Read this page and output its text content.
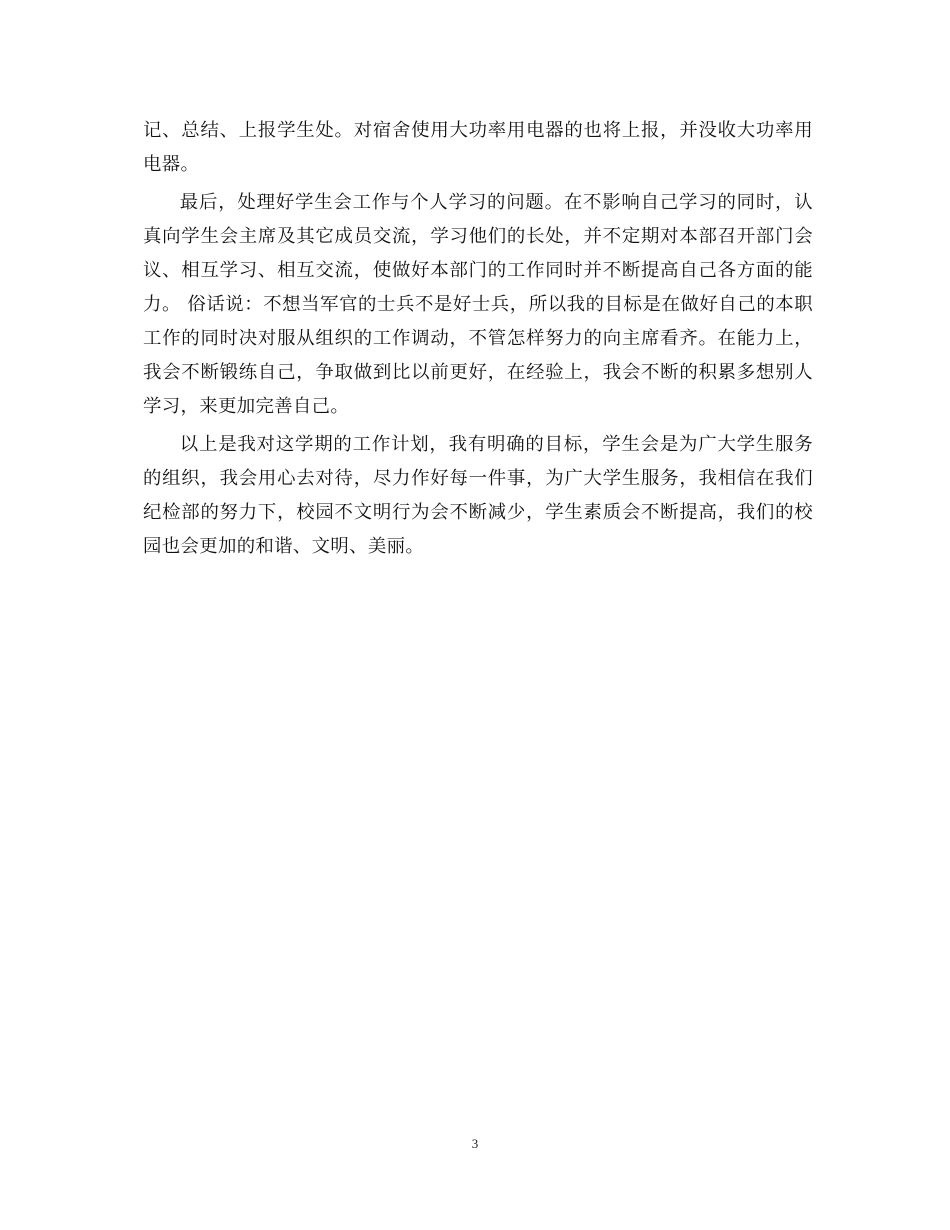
记、总结、上报学生处。对宿舍使用大功率用电器的也将上报，并没收大功率用电器。

最后，处理好学生会工作与个人学习的问题。在不影响自己学习的同时，认真向学生会主席及其它成员交流，学习他们的长处，并不定期对本部召开部门会议、相互学习、相互交流，使做好本部门的工作同时并不断提高自己各方面的能力。 俗话说：不想当军官的士兵不是好士兵，所以我的目标是在做好自己的本职工作的同时决对服从组织的工作调动，不管怎样努力的向主席看齐。在能力上，我会不断锻练自己，争取做到比以前更好，在经验上，我会不断的积累多想别人学习，来更加完善自己。

以上是我对这学期的工作计划，我有明确的目标，学生会是为广大学生服务的组织，我会用心去对待，尽力作好每一件事，为广大学生服务，我相信在我们纪检部的努力下，校园不文明行为会不断减少，学生素质会不断提高，我们的校园也会更加的和谐、文明、美丽。

3
